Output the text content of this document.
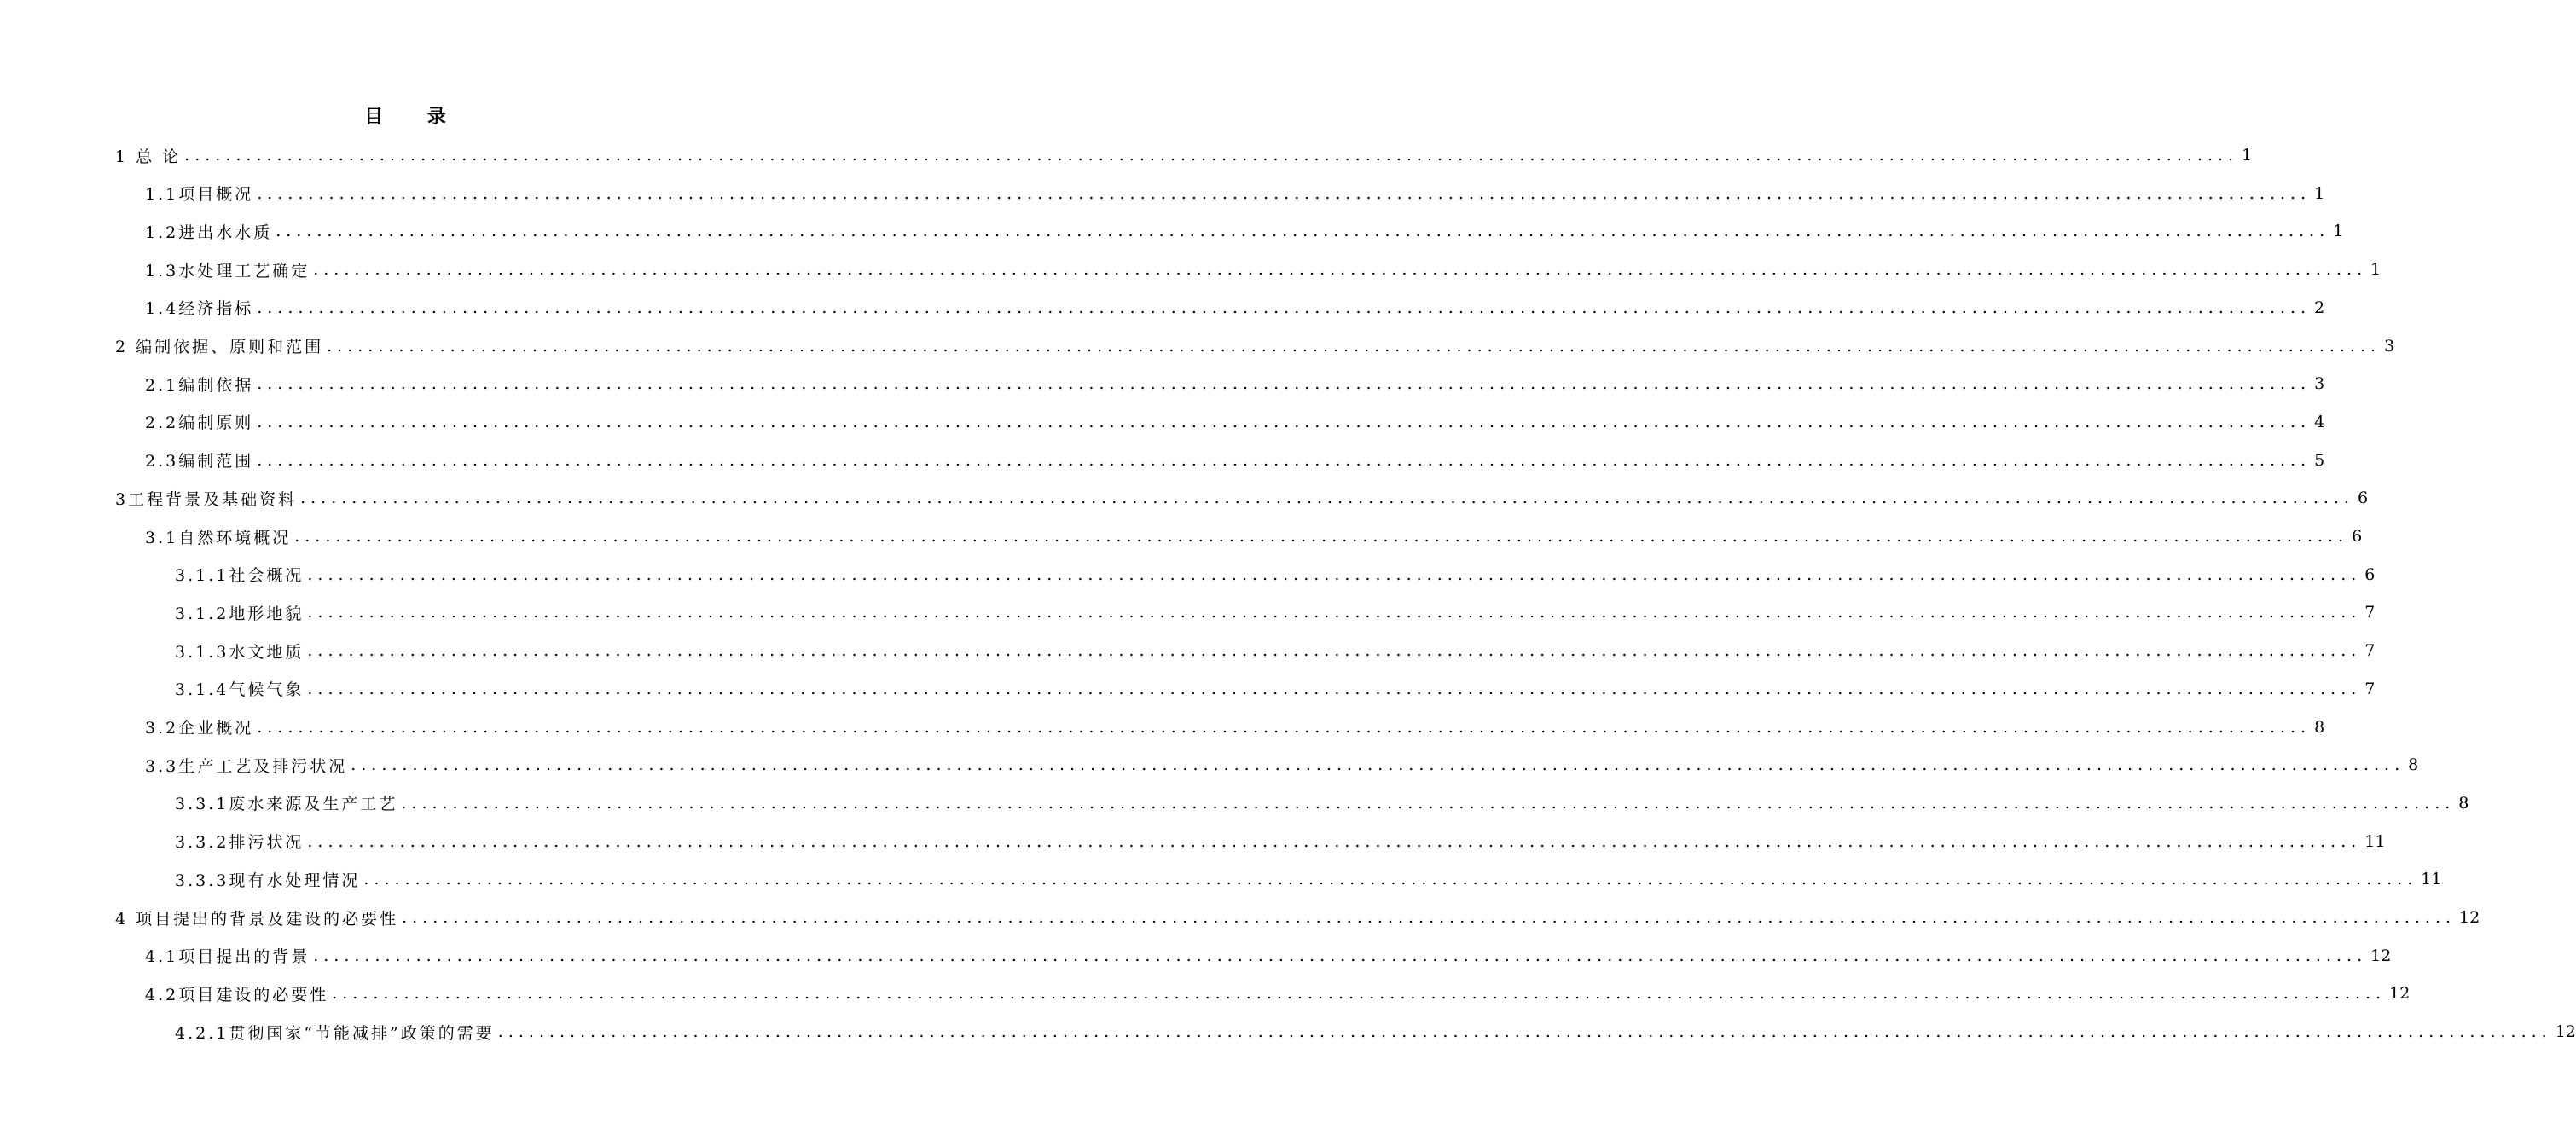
目 录
1 总 论 ........................................................................................................................................................................................................ 1
1.1项目概况 ........................................................................................................................................................................................................ 1
1.2进出水水质 ........................................................................................................................................................................................................ 1
1.3水处理工艺确定 ........................................................................................................................................................................................................ 1
1.4经济指标 ........................................................................................................................................................................................................ 2
2 编制依据、原则和范围 ........................................................................................................................................................................................................ 3
2.1编制依据 ........................................................................................................................................................................................................ 3
2.2编制原则 ........................................................................................................................................................................................................ 4
2.3编制范围 ........................................................................................................................................................................................................ 5
3工程背景及基础资料 ........................................................................................................................................................................................................ 6
3.1自然环境概况 ........................................................................................................................................................................................................ 6
3.1.1社会概况 ........................................................................................................................................................................................................ 6
3.1.2地形地貌 ........................................................................................................................................................................................................ 7
3.1.3水文地质 ........................................................................................................................................................................................................ 7
3.1.4气候气象 ........................................................................................................................................................................................................ 7
3.2企业概况 ........................................................................................................................................................................................................ 8
3.3生产工艺及排污状况 ........................................................................................................................................................................................................ 8
3.3.1废水来源及生产工艺 ........................................................................................................................................................................................................ 8
3.3.2排污状况 ........................................................................................................................................................................................................ 11
3.3.3现有水处理情况 ........................................................................................................................................................................................................ 11
4 项目提出的背景及建设的必要性 ........................................................................................................................................................................................................ 12
4.1项目提出的背景 ........................................................................................................................................................................................................ 12
4.2项目建设的必要性 ........................................................................................................................................................................................................ 12
4.2.1贯彻国家“节能减排”政策的需要 ........................................................................................................................................................................................................ 12
